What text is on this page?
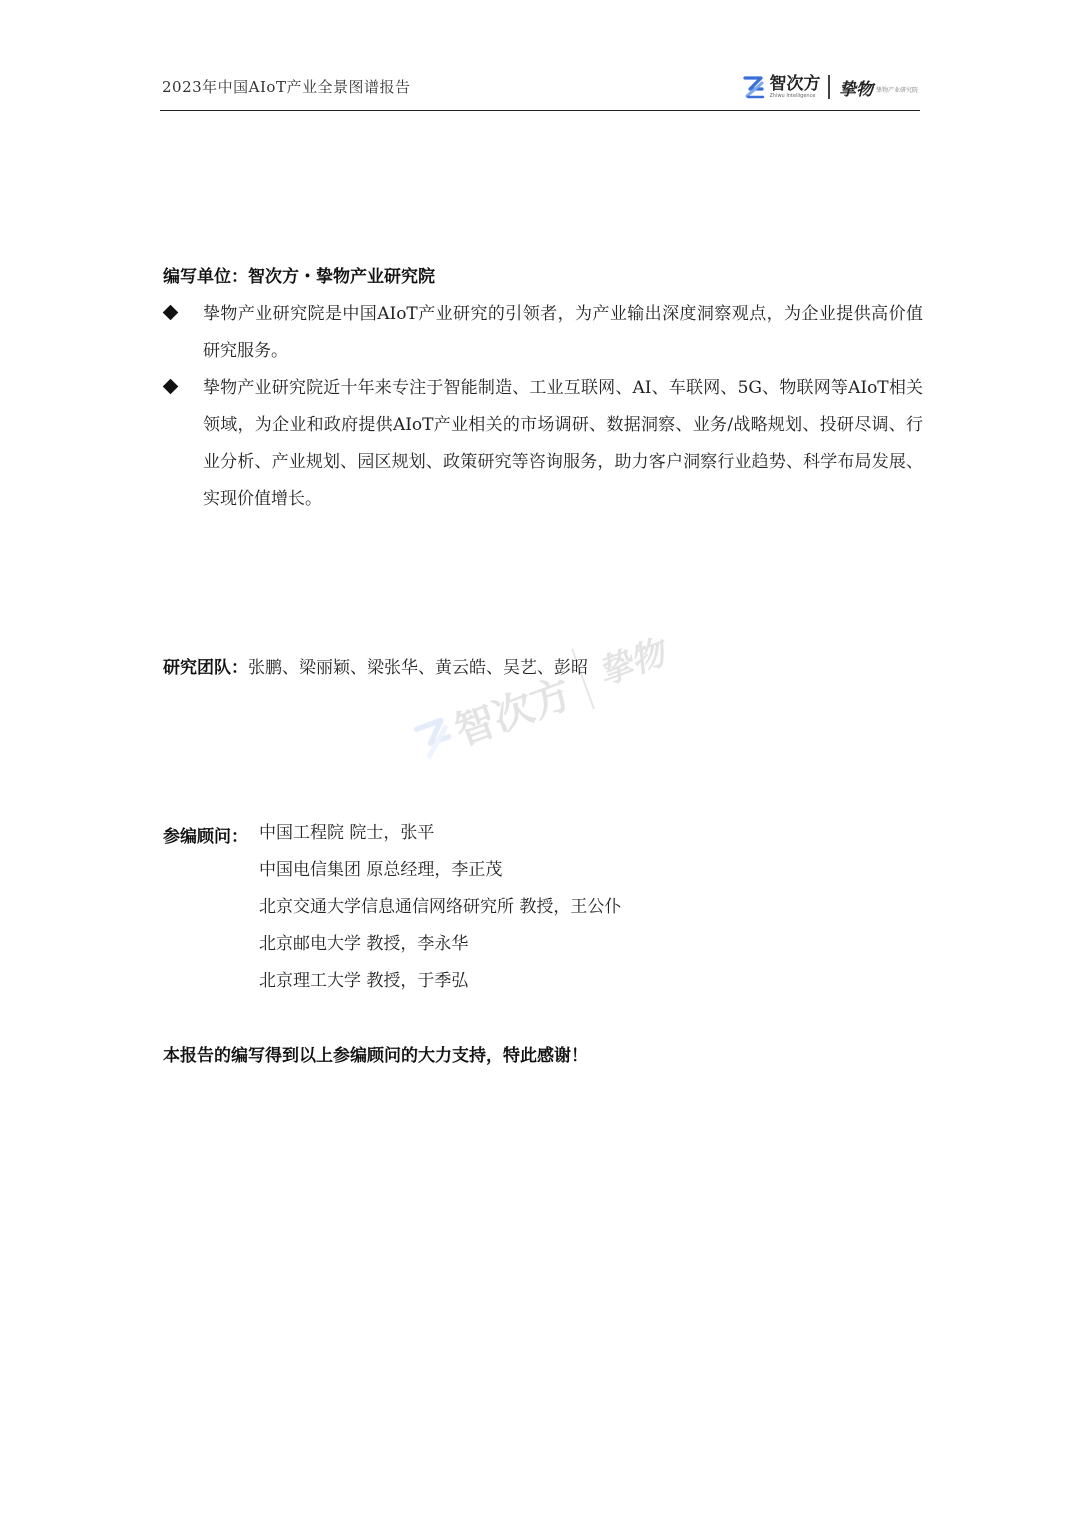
2023年中国AIoT产业全景图谱报告	智次方
Zhiwu Intelligence 挚物 挚物产业研究院
智次方
挚物
编写单位：智次方・挚物产业研究院
挚物产业研究院是中国AIoT产业研究的引领者，为产业输出深度洞察观点，为企业提供高价值研究服务。
挚物产业研究院近十年来专注于智能制造、工业互联网、AI、车联网、5G、物联网等AIoT相关领域，为企业和政府提供AIoT产业相关的市场调研、数据洞察、业务/战略规划、投研尽调、行业分析、产业规划、园区规划、政策研究等咨询服务，助力客户洞察行业趋势、科学布局发展、实现价值增长。
研究团队：张鹏、梁丽颖、梁张华、黄云皓、吴艺、彭昭
参编顾问： 中国工程院 院士，张平
中国电信集团 原总经理，李正茂
北京交通大学信息通信网络研究所 教授，王公仆
北京邮电大学 教授，李永华
北京理工大学 教授，于季弘
本报告的编写得到以上参编顾问的大力支持，特此感谢！
